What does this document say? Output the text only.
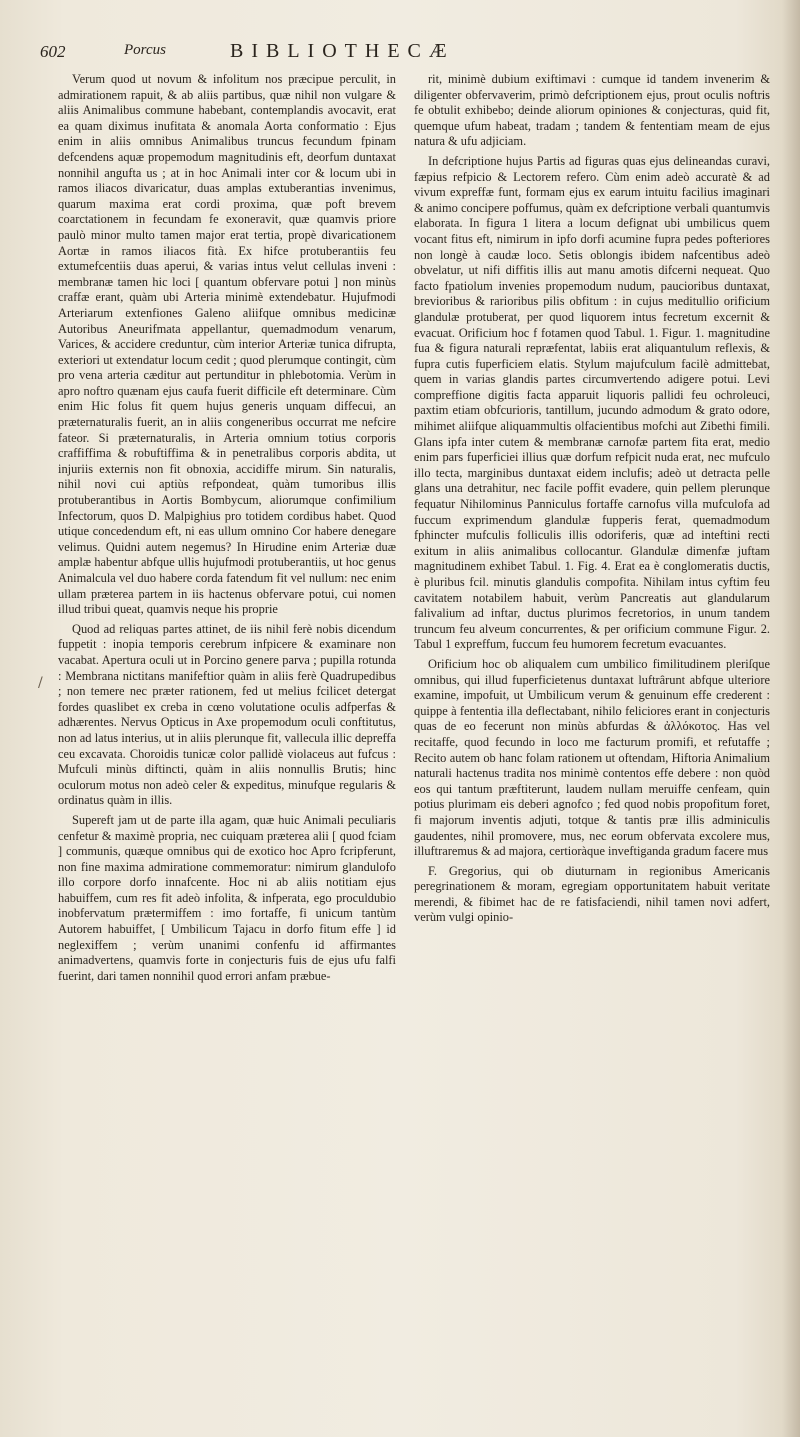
602	Porcus	BIBLIOTHECÆ

Verum quod ut novum & infolitum nos præcipue perculit, in admirationem rapuit, & ab aliis partibus, quæ nihil non vulgare & aliis Animalibus commune habebant, contemplandis avocavit, erat ea quam diximus inufitata & anomala Aorta conformatio : Ejus enim in aliis omnibus Animalibus truncus fecundum fpinam defcendens aquæ propemodum magnitudinis eft, deorfum duntaxat nonnihil angufta us ; at in hoc Animali inter cor & locum ubi in ramos iliacos divaricatur, duas amplas extuberantias invenimus, quarum maxima erat cordi proxima, quæ poft brevem coarctationem in fecundam fe exoneravit, quæ quamvis priore paulò minor multo tamen major erat tertia, propè divaricationem Aortæ in ramos iliacos fità. Ex hifce protuberantiis feu extumefcentiis duas aperui, & varias intus velut cellulas inveni : membranæ tamen hic loci [ quantum obfervare potui ] non minùs craffæ erant, quàm ubi Arteria minimè extendebatur. Hujufmodi Arteriarum extenfiones Galeno aliifque omnibus medicinæ Autoribus Aneurifmata appellantur, quemadmodum venarum, Varices, & accidere creduntur, cùm interior Arteriæ tunica difrupta, exteriori ut extendatur locum cedit ; quod plerumque contingit, cùm pro vena arteria cæditur aut pertunditur in phlebotomia. Verùm in apro noftro quænam ejus caufa fuerit difficile eft determinare. Cùm enim Hic folus fit quem hujus generis unquam diffecui, an præternaturalis fuerit, an in aliis congeneribus occurrat me nefcire fateor. Si præternaturalis, in Arteria omnium totius corporis craffiffima & robuftiffima & in penetralibus corporis abdita, ut injuriis externis non fit obnoxia, accidiffe mirum. Sin naturalis, nihil novi cui aptiùs refpondeat, quàm tumoribus illis protuberantibus in Aortis Bombycum, aliorumque confimilium Infectorum, quos D. Malpighius pro totidem cordibus habet. Quod utique concedendum eft, ni eas ullum omnino Cor habere denegare velimus. Quidni autem negemus? In Hirudine enim Arteriæ duæ amplæ habentur abfque ullis hujufmodi protuberantiis, ut hoc genus Animalcula vel duo habere corda fatendum fit vel nullum: nec enim ullam præterea partem in iis hactenus obfervare potui, cui nomen illud tribui queat, quamvis neque his proprie

Quod ad reliquas partes attinet, de iis nihil ferè nobis dicendum fuppetit : inopia temporis cerebrum infpicere & examinare non vacabat. Apertura oculi ut in Porcino genere parva ; pupilla rotunda : Membrana nictitans manifeftior quàm in aliis ferè Quadrupedibus ; non temere nec præter rationem, fed ut melius fcilicet detergat fordes quaslibet ex creba in cœno volutatione oculis adfperfas & adhærentes. Nervus Opticus in Axe propemodum oculi conftitutus, non ad latus interius, ut in aliis plerunque fit, vallecula illic depreffa ceu excavata. Choroidis tunicæ color pallidè violaceus aut fufcus : Mufculi minùs diftincti, quàm in aliis nonnullis Brutis; hinc oculorum motus non adeò celer & expeditus, minufque regularis & ordinatus quàm in illis.

Supereft jam ut de parte illa agam, quæ huic Animali peculiaris cenfetur & maximè propria, nec cuiquam præterea alii [ quod fciam ] communis, quæque omnibus qui de exotico hoc Apro fcripferunt, non fine maxima admiratione commemoratur: nimirum glandulofo illo corpore dorfo innafcente. Hoc ni ab aliis notitiam ejus habuiffem, cum res fit adeò infolita, & infperata, ego proculdubio inobfervatum prætermiffem : imo fortaffe, fi unicum tantùm Autorem habuiffet, [ Umbilicum Tajacu in dorfo fitum effe ] id neglexiffem ; verùm unanimi confenfu id affirmantes animadvertens, quamvis forte in conjecturis fuis de ejus ufu falfi fuerint, dari tamen nonnihil quod errori anfam præbue-

rit, minimè dubium exiftimavi : cumque id tandem invenerim & diligenter obfervaverim, primò defcriptionem ejus, prout oculis noftris fe obtulit exhibebo; deinde aliorum opiniones & conjecturas, quid fit, quemque ufum habeat, tradam ; tandem & fententiam meam de ejus natura & ufu adjiciam.

In defcriptione hujus Partis ad figuras quas ejus delineandas curavi, fæpius refpicio & Lectorem refero. Cùm enim adeò accuratè & ad vivum expreffæ funt, formam ejus ex earum intuitu facilius imaginari & animo concipere poffumus, quàm ex defcriptione verbali quantumvis elaborata. In figura 1 litera a locum defignat ubi umbilicus quem vocant fitus eft, nimirum in ipfo dorfi acumine fupra pedes pofteriores non longè à caudæ loco. Setis oblongis ibidem nafcentibus adeò obvelatur, ut nifi diffitis illis aut manu amotis difcerni nequeat. Quo facto fpatiolum invenies propemodum nudum, paucioribus duntaxat, brevioribus & rarioribus pilis obfitum : in cujus meditullio orificium glandulæ protuberat, per quod liquorem intus fecretum excernit & evacuat. Orificium hoc f fotamen quod Tabul. 1. Figur. 1. magnitudine fua & figura naturali repræfentat, labiis erat aliquantulum reflexis, & fupra cutis fuperficiem elatis. Stylum majufculum facilè admittebat, quem in varias glandis partes circumvertendo adigere potui. Levi compreffione digitis facta apparuit liquoris pallidi feu ochroleuci, paxtim etiam obfcurioris, tantillum, jucundo admodum & grato odore, mihimet aliifque aliquammultis olfacientibus mofchi aut Zibethi fimili. Glans ipfa inter cutem & membranæ carnofæ partem fita erat, medio enim pars fuperficiei illius quæ dorfum refpicit nuda erat, nec mufculo illo tecta, marginibus duntaxat eidem inclufis; adeò ut detracta pelle glans una detrahitur, nec facile poffit evadere, quin pellem plerunque fequatur Nihilominus Panniculus fortaffe carnofus villa mufculofa ad fuccum exprimendum glandulæ fupperis ferat, quemadmodum fphincter mufculis folliculis illis odoriferis, quæ ad inteftini recti exitum in aliis animalibus collocantur. Glandulæ dimenfæ juftam magnitudinem exhibet Tabul. 1. Fig. 4. Erat ea è conglomeratis ductis, è pluribus fcil. minutis glandulis compofita. Nihilam intus cyftim feu cavitatem notabilem habuit, verùm Pancreatis aut glandularum falivalium ad inftar, ductus plurimos fecretorios, in unum tandem truncum feu alveum concurrentes, & per orificium commune Figur. 2. Tabul 1 expreffum, fuccum feu humorem fecretum evacuantes.

Orificium hoc ob aliqualem cum umbilico fimilitudinem pleriſque omnibus, qui illud fuperficietenus duntaxat luftrârunt abfque ulteriore examine, impofuit, ut Umbilicum verum & genuinum effe crederent : quippe à fententia illa deflectabant, nihilo feliciores erant in conjecturis quas de eo fecerunt non minùs abfurdas & ἀλλόκοτος. Has vel recitaffe, quod fecundo in loco me facturum promifi, et refutaffe ; Recito autem ob hanc folam rationem ut oftendam, Hiftoria Animalium naturali hactenus tradita nos minimè contentos effe debere : non quòd eos qui tantum præftiterunt, laudem nullam meruiffe cenfeam, quin potius plurimam eis deberi agnofco ; fed quod nobis propofitum foret, fi majorum inventis adjuti, totque & tantis præ illis adminiculis gaudentes, nihil promovere, mus, nec eorum obfervata excolere mus, illuftraremus & ad majora, certioràque inveftiganda gradum facere mus

F. Gregorius, qui ob diuturnam in regionibus Americanis peregrinationem & moram, egregiam opportunitatem habuit veritate merendi, & fibimet hac de re fatisfaciendi, nihil tamen novi adfert, verùm vulgi opinio-

/
